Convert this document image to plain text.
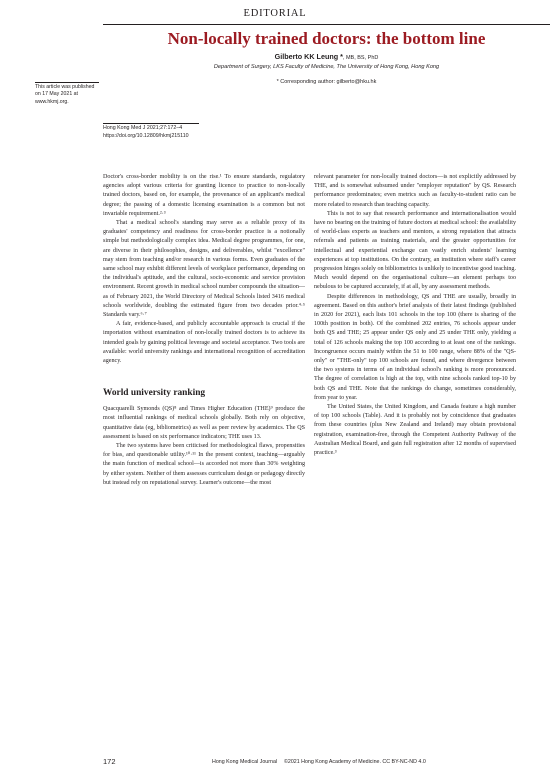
EDITORIAL
Non-locally trained doctors: the bottom line
Gilberto KK Leung *, MB, BS, PhD
Department of Surgery, LKS Faculty of Medicine, The University of Hong Kong, Hong Kong
* Corresponding author: gilberto@hku.hk
This article was published on 17 May 2021 at www.hkmj.org.
Hong Kong Med J 2021;27:172–4
https://doi.org/10.12809/hkmj215110

Doctor's cross-border mobility is on the rise.¹ To ensure standards, regulatory agencies adopt various criteria for granting licence to practice to non-locally trained doctors, based on, for example, the provenance of an applicant's medical degree; the passing of a domestic licensing examination is a common but not invariable requirement.²·³

That a medical school's standing may serve as a reliable proxy of its graduates' competency and readiness for cross-border practice is a notionally simple but methodologically complex idea. Medical degree programmes, for one, are diverse in their philosophies, designs, and deliverables, whilst "excellence" may stem from teaching and/or research in various forms. Even graduates of the same school may exhibit different levels of workplace performance, depending on the individual's aptitude, and the cultural, socio-economic and service provision environment. Recent growth in medical school number compounds the situation—as of February 2021, the World Directory of Medical Schools listed 3416 medical schools worldwide, doubling the estimated figure from two decades prior.⁴·⁵ Standards vary.⁶·⁷

A fair, evidence-based, and publicly accountable approach is crucial if the importation without examination of non-locally trained doctors is to achieve its intended goals by gaining political leverage and societal acceptance. Two tools are available: world university rankings and international recognition of accreditation agency.

World university ranking

Quacquarelli Symonds (QS)⁸ and Times Higher Education (THE)⁹ produce the most influential rankings of medical schools globally. Both rely on objective, quantitative data (eg, bibliometrics) as well as peer review by academics. The QS assessment is based on six performance indicators; THE uses 13.

The two systems have been criticised for methodological flaws, propensities for bias, and questionable utility.¹⁰·¹¹ In the present context, teaching—arguably the main function of medical school—is accorded not more than 30% weighting by either system. Neither of them assesses curriculum design or pedagogy directly but instead rely on reputational survey. Learner's outcome—the most

relevant parameter for non-locally trained doctors—is not explicitly addressed by THE, and is somewhat subsumed under "employer reputation" by QS. Research performance predominates; even metrics such as faculty-to-student ratio can be more related to research than teaching capacity.

This is not to say that research performance and internationalisation would have no bearing on the training of future doctors at medical school: the availability of world-class experts as teachers and mentors, a strong reputation that attracts referrals and patients as training materials, and the greater opportunities for intellectual and experiential exchange can vastly enrich students' learning experiences at top institutions. On the contrary, an institution where staff's career progression hinges solely on bibliometrics is unlikely to incentivise good teaching. Much would depend on the organisational culture—an element perhaps too nebulous to be captured accurately, if at all, by any assessment methods.

Despite differences in methodology, QS and THE are usually, broadly in agreement. Based on this author's brief analysis of their latest findings (published in 2020 for 2021), each lists 101 schools in the top 100 (there is sharing of the 100th position in both). Of the combined 202 entries, 76 schools appear under both QS and THE; 25 appear under QS only and 25 under THE only, yielding a total of 126 schools making the top 100 according to at least one of the rankings. Incongruence occurs mainly within the 51 to 100 range, where 88% of the "QS-only" or "THE-only" top 100 schools are found, and where divergence between the two systems in terms of an individual school's ranking is more pronounced. The degree of correlation is high at the top, with nine schools ranked top-10 by both QS and THE. Note that the rankings do change, sometimes considerably, from year to year.

The United States, the United Kingdom, and Canada feature a high number of top 100 schools (Table). And it is probably not by coincidence that graduates from these countries (plus New Zealand and Ireland) may obtain provisional registration, examination-free, through the Competent Authority Pathway of the Australian Medical Board, and gain full registration after 12 months of supervised practice.³

172	Hong Kong Medical Journal ©2021 Hong Kong Academy of Medicine. CC BY-NC-ND 4.0
